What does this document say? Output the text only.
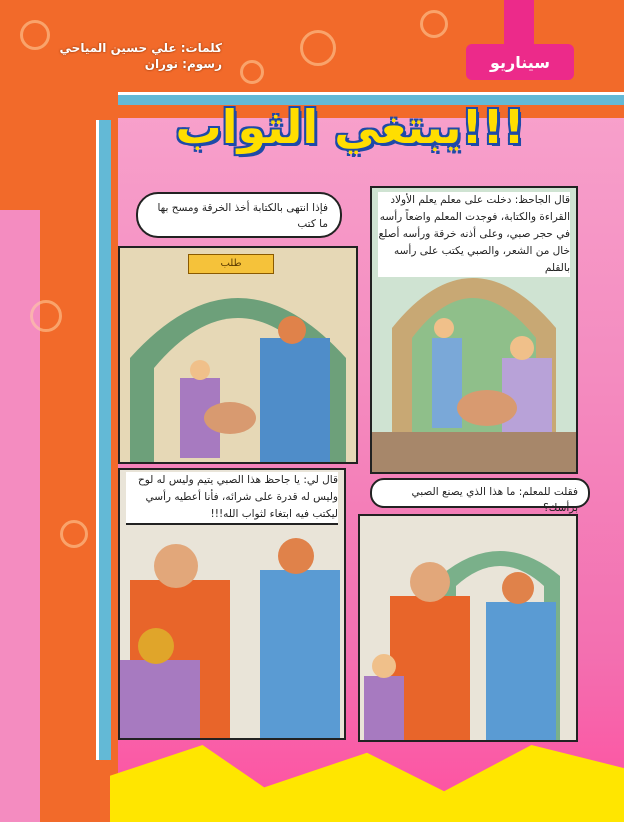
سيناريو
كلمات: علي حسين المياحي
رسوم: نوران
يبتغي الثواب!!!
قال الجاحظ: دخلت على معلم يعلم الأولاد القراءة والكتابة، فوجدت المعلم واضعاً رأسه في حجر صبي، وعلى أذنه خرقة ورأسه أصلع خال من الشعر، والصبي يكتب على رأسه بالقلم
طلب
فإذا انتهى بالكتابة أخذ الخرقة ومسح بها ما كتب
فقلت للمعلم: ما هذا الذي يصنع الصبي برأسك؟
قال لي: يا جاحظ هذا الصبي يتيم وليس له لوح وليس له قدرة على شرائه، فأنا أعطيه رأسي ليكتب فيه ابتغاء لثواب الله!!!
